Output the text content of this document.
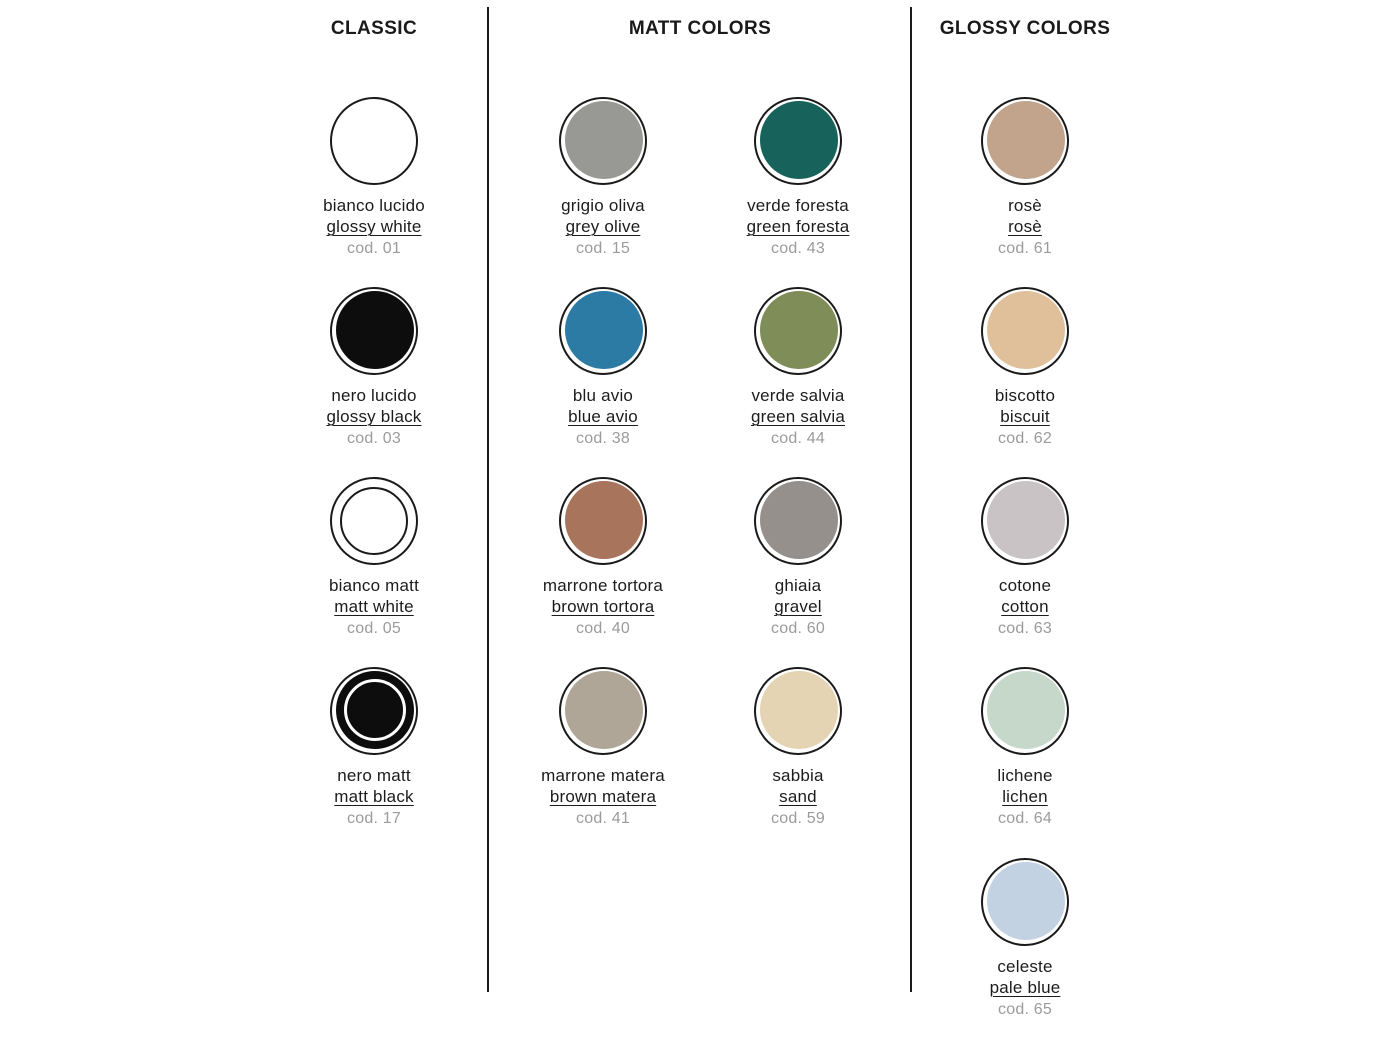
CLASSIC	MATT COLORS	GLOSSY COLORS
bianco lucido
glossy white
cod. 01
nero lucido
glossy black
cod. 03
bianco matt
matt white
cod. 05
nero matt
matt black
cod. 17
grigio oliva
grey olive
cod. 15
verde foresta
green foresta
cod. 43
blu avio
blue avio
cod. 38
verde salvia
green salvia
cod. 44
marrone tortora
brown tortora
cod. 40
ghiaia
gravel
cod. 60
marrone matera
brown matera
cod. 41
sabbia
sand
cod. 59
rosè
rosè
cod. 61
biscotto
biscuit
cod. 62
cotone
cotton
cod. 63
lichene
lichen
cod. 64
celeste
pale blue
cod. 65
